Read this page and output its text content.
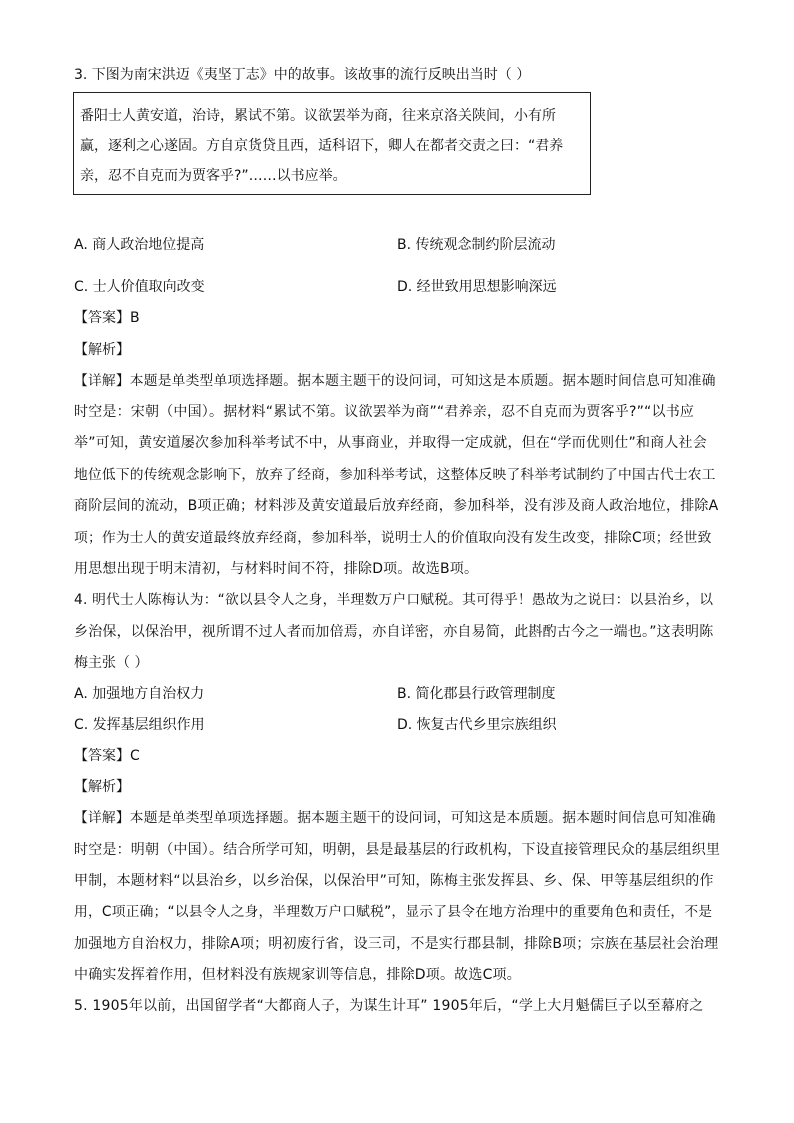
3. 下图为南宋洪迈《夷坚丁志》中的故事。该故事的流行反映出当时（ ）
番阳士人黄安道，治诗，累试不第。议欲罢举为商，往来京洛关陕间，小有所
赢，逐利之心遂固。方自京货贷且西，适科诏下，卿人在都者交责之曰：“君养
亲，忍不自克而为贾客乎?”……以书应举。
A. 商人政治地位提高	B. 传统观念制约阶层流动
C. 士人价值取向改变	D. 经世致用思想影响深远
【答案】B
【解析】
【详解】本题是单类型单项选择题。据本题主题干的设问词，可知这是本质题。据本题时间信息可知准确
时空是：宋朝（中国）。据材料“累试不第。议欲罢举为商”“君养亲，忍不自克而为贾客乎?”“以书应
举”可知，黄安道屡次参加科举考试不中，从事商业，并取得一定成就，但在“学而优则仕”和商人社会
地位低下的传统观念影响下，放弃了经商，参加科举考试，这整体反映了科举考试制约了中国古代士农工
商阶层间的流动，B项正确；材料涉及黄安道最后放弃经商，参加科举，没有涉及商人政治地位，排除A
项；作为士人的黄安道最终放弃经商，参加科举，说明士人的价值取向没有发生改变，排除C项；经世致
用思想出现于明末清初，与材料时间不符，排除D项。故选B项。
4. 明代士人陈梅认为：“欲以县令人之身，半理数万户口赋税。其可得乎！愚故为之说曰：以县治乡，以
乡治保，以保治甲，视所谓不过人者而加倍焉，亦自详密，亦自易简，此斟酌古今之一端也。”这表明陈
梅主张（ ）
A. 加强地方自治权力	B. 简化郡县行政管理制度
C. 发挥基层组织作用	D. 恢复古代乡里宗族组织
【答案】C
【解析】
【详解】本题是单类型单项选择题。据本题主题干的设问词，可知这是本质题。据本题时间信息可知准确
时空是：明朝（中国）。结合所学可知，明朝，县是最基层的行政机构，下设直接管理民众的基层组织里
甲制，本题材料“以县治乡，以乡治保，以保治甲”可知，陈梅主张发挥县、乡、保、甲等基层组织的作
用，C项正确；“以县令人之身，半理数万户口赋税”，显示了县令在地方治理中的重要角色和责任，不是
加强地方自治权力，排除A项；明初废行省，设三司，不是实行郡县制，排除B项；宗族在基层社会治理
中确实发挥着作用，但材料没有族规家训等信息，排除D项。故选C项。
5. 1905年以前，出国留学者“大都商人子，为谋生计耳” 1905年后，“学上大月魁儒巨子以至幕府之
